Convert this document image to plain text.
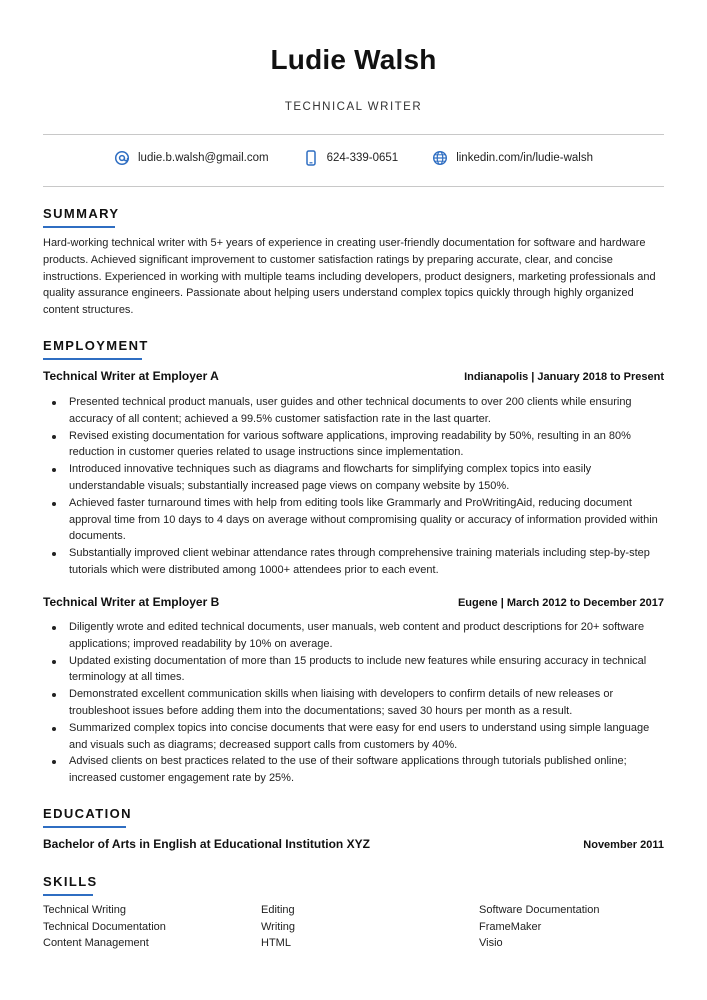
Ludie Walsh
TECHNICAL WRITER
ludie.b.walsh@gmail.com	624-339-0651	linkedin.com/in/ludie-walsh
SUMMARY
Hard-working technical writer with 5+ years of experience in creating user-friendly documentation for software and hardware products. Achieved significant improvement to customer satisfaction ratings by preparing accurate, clear, and concise instructions. Experienced in working with multiple teams including developers, product designers, marketing professionals and quality assurance engineers. Passionate about helping users understand complex topics quickly through highly organized content structures.
EMPLOYMENT
Technical Writer at Employer A	Indianapolis | January 2018 to Present
Presented technical product manuals, user guides and other technical documents to over 200 clients while ensuring accuracy of all content; achieved a 99.5% customer satisfaction rate in the last quarter.
Revised existing documentation for various software applications, improving readability by 50%, resulting in an 80% reduction in customer queries related to usage instructions since implementation.
Introduced innovative techniques such as diagrams and flowcharts for simplifying complex topics into easily understandable visuals; substantially increased page views on company website by 150%.
Achieved faster turnaround times with help from editing tools like Grammarly and ProWritingAid, reducing document approval time from 10 days to 4 days on average without compromising quality or accuracy of information provided within documents.
Substantially improved client webinar attendance rates through comprehensive training materials including step-by-step tutorials which were distributed among 1000+ attendees prior to each event.
Technical Writer at Employer B	Eugene | March 2012 to December 2017
Diligently wrote and edited technical documents, user manuals, web content and product descriptions for 20+ software applications; improved readability by 10% on average.
Updated existing documentation of more than 15 products to include new features while ensuring accuracy in technical terminology at all times.
Demonstrated excellent communication skills when liaising with developers to confirm details of new releases or troubleshoot issues before adding them into the documentations; saved 30 hours per month as a result.
Summarized complex topics into concise documents that were easy for end users to understand using simple language and visuals such as diagrams; decreased support calls from customers by 40%.
Advised clients on best practices related to the use of their software applications through tutorials published online; increased customer engagement rate by 25%.
EDUCATION
Bachelor of Arts in English at Educational Institution XYZ	November 2011
SKILLS
Technical Writing	Editing	Software Documentation
Technical Documentation	Writing	FrameMaker
Content Management	HTML	Visio
